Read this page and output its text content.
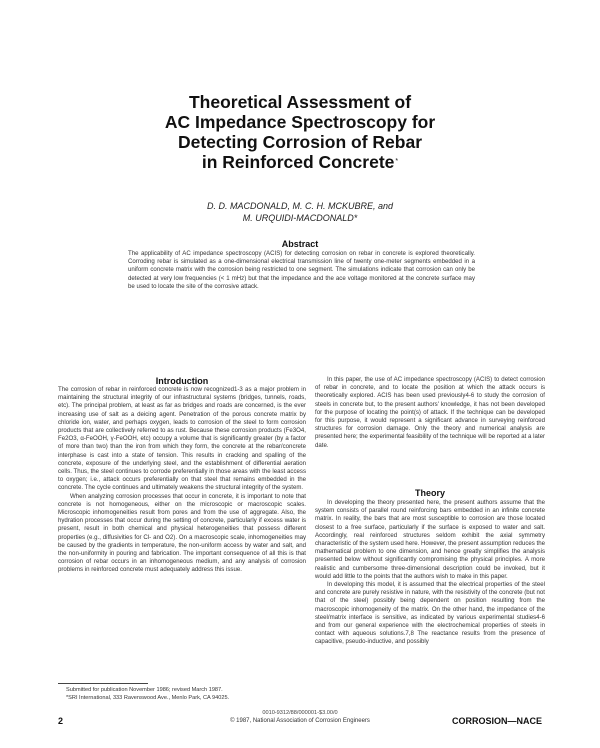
Theoretical Assessment of
AC Impedance Spectroscopy for
Detecting Corrosion of Rebar
in Reinforced Concrete*
D. D. MACDONALD, M. C. H. MCKUBRE, and
M. URQUIDI-MACDONALD*
Abstract
The applicability of AC impedance spectroscopy (ACIS) for detecting corrosion on rebar in concrete is explored theoretically. Corroding rebar is simulated as a one-dimensional electrical transmission line of twenty one-meter segments embedded in a uniform concrete matrix with the corrosion being restricted to one segment. The simulations indicate that corrosion can only be detected at very low frequencies (< 1 mHz) but that the impedance and the ace voltage monitored at the concrete surface may be used to locate the site of the corrosive attack.
Introduction

The corrosion of rebar in reinforced concrete is now recognized1-3 as a major problem in maintaining the structural integrity of our infrastructural systems (bridges, tunnels, roads, etc). The principal problem, at least as far as bridges and roads are concerned, is the ever increasing use of salt as a deicing agent. Penetration of the porous concrete matrix by chloride ion, water, and perhaps oxygen, leads to corrosion of the steel to form corrosion products that are collectively referred to as rust. Because these corrosion products (Fe3O4, Fe2O3, α-FeOOH, γ-FeOOH, etc) occupy a volume that is significantly greater (by a factor of more than two) than the iron from which they form, the concrete at the rebar/concrete interphase is cast into a state of tension. This results in cracking and spalling of the concrete, exposure of the underlying steel, and the establishment of differential aeration cells. Thus, the steel continues to corrode preferentially in those areas with the least access to oxygen; i.e., attack occurs preferentially on that steel that remains embedded in the concrete. The cycle continues and ultimately weakens the structural integrity of the system.

When analyzing corrosion processes that occur in concrete, it is important to note that concrete is not homogeneous, either on the microscopic or macroscopic scales. Microscopic inhomogeneities result from pores and from the use of aggregate. Also, the hydration processes that occur during the setting of concrete, particularly if excess water is present, result in both chemical and physical heterogeneities that possess different properties (e.g., diffusivities for Cl- and O2). On a macroscopic scale, inhomogeneities may be caused by the gradients in temperature, the non-uniform access by water and salt, and the non-uniformity in pouring and fabrication. The important consequence of all this is that corrosion of rebar occurs in an inhomogeneous medium, and any analysis of corrosion problems in reinforced concrete must adequately address this issue.

In this paper, the use of AC impedance spectroscopy (ACIS) to detect corrosion of rebar in concrete, and to locate the position at which the attack occurs is theoretically explored. ACIS has been used previously4-6 to study the corrosion of steels in concrete but, to the present authors' knowledge, it has not been developed for the purpose of locating the point(s) of attack. If the technique can be developed for this purpose, it would represent a significant advance in surveying reinforced structures for corrosion damage. Only the theory and numerical analysis are presented here; the experimental feasibility of the technique will be reported at a later date.

Theory

In developing the theory presented here, the present authors assume that the system consists of parallel round reinforcing bars embedded in an infinite concrete matrix. In reality, the bars that are most susceptible to corrosion are those located closest to a free surface, particularly if the surface is exposed to water and salt. Accordingly, real reinforced structures seldom exhibit the axial symmetry characteristic of the system used here. However, the present assumption reduces the mathematical problem to one dimension, and hence greatly simplifies the analysis presented below without significantly compromising the physical principles. A more realistic and cumbersome three-dimensional description could be invoked, but it would add little to the points that the authors wish to make in this paper.

In developing this model, it is assumed that the electrical properties of the steel and concrete are purely resistive in nature, with the resistivity of the concrete (but not that of the steel) possibly being dependent on position resulting from the macroscopic inhomogeneity of the matrix. On the other hand, the impedance of the steel/matrix interface is sensitive, as indicated by various experimental studies4-6 and from our general experience with the electrochemical properties of steels in contact with aqueous solutions.7,8 The reactance results from the presence of capacitive, pseudo-inductive, and possibly

Submitted for publication November 1986; revised March 1987.
*SRI International, 333 Ravenswood Ave., Menlo Park, CA 94025.
0010-9312/88/000001-$3.00/0
2	© 1987, National Association of Corrosion Engineers	CORROSION—NACE
